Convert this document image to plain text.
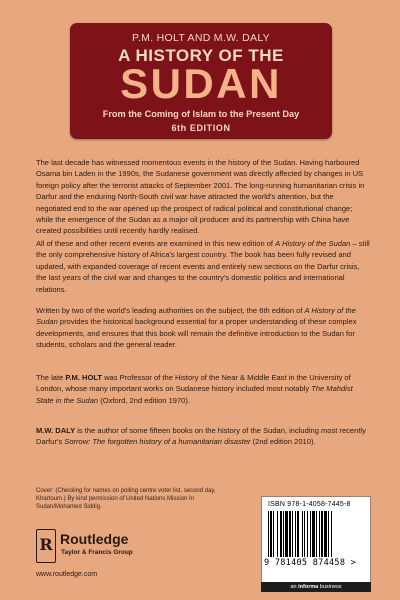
P.M. HOLT AND M.W. DALY
A HISTORY OF THE
SUDAN
From the Coming of Islam to the Present Day
6th EDITION

The last decade has witnessed momentous events in the history of the Sudan. Having harboured Osama bin Laden in the 1990s, the Sudanese government was directly affected by changes in US foreign policy after the terrorist attacks of September 2001. The long-running humanitarian crisis in Darfur and the enduring North-South civil war have attracted the world's attention, but the negotiated end to the war opened up the prospect of radical political and constitutional change; while the emergence of the Sudan as a major oil producer and its partnership with China have created possibilities until recently hardly realised.

All of these and other recent events are examined in this new edition of A History of the Sudan – still the only comprehensive history of Africa's largest country. The book has been fully revised and updated, with expanded coverage of recent events and entirely new sections on the Darfur crisis, the last years of the civil war and changes to the country's domestic politics and international relations.

Written by two of the world's leading authorities on the subject, the 6th edition of A History of the Sudan provides the historical background essential for a proper understanding of these complex developments, and ensures that this book will remain the definitive introduction to the Sudan for students, scholars and the general reader.

The late P.M. HOLT was Professor of the History of the Near & Middle East in the University of London, whose many important works on Sudanese history included most notably The Mahdist State in the Sudan (Oxford, 2nd edition 1970).

M.W. DALY is the author of some fifteen books on the history of the Sudan, including most recently Darfur's Sorrow: The forgotten history of a humanitarian disaster (2nd edition 2010).

Cover: (Checking for names on polling centre voter list, second day, Khartoum.) By kind permission of United Nations Mission In Sudan/Mohamed Siddig.
R Routledge
Taylor & Francis Group
www.routledge.com
ISBN 978-1-4058-7445-8
9 781405 874458 >
an informa business
